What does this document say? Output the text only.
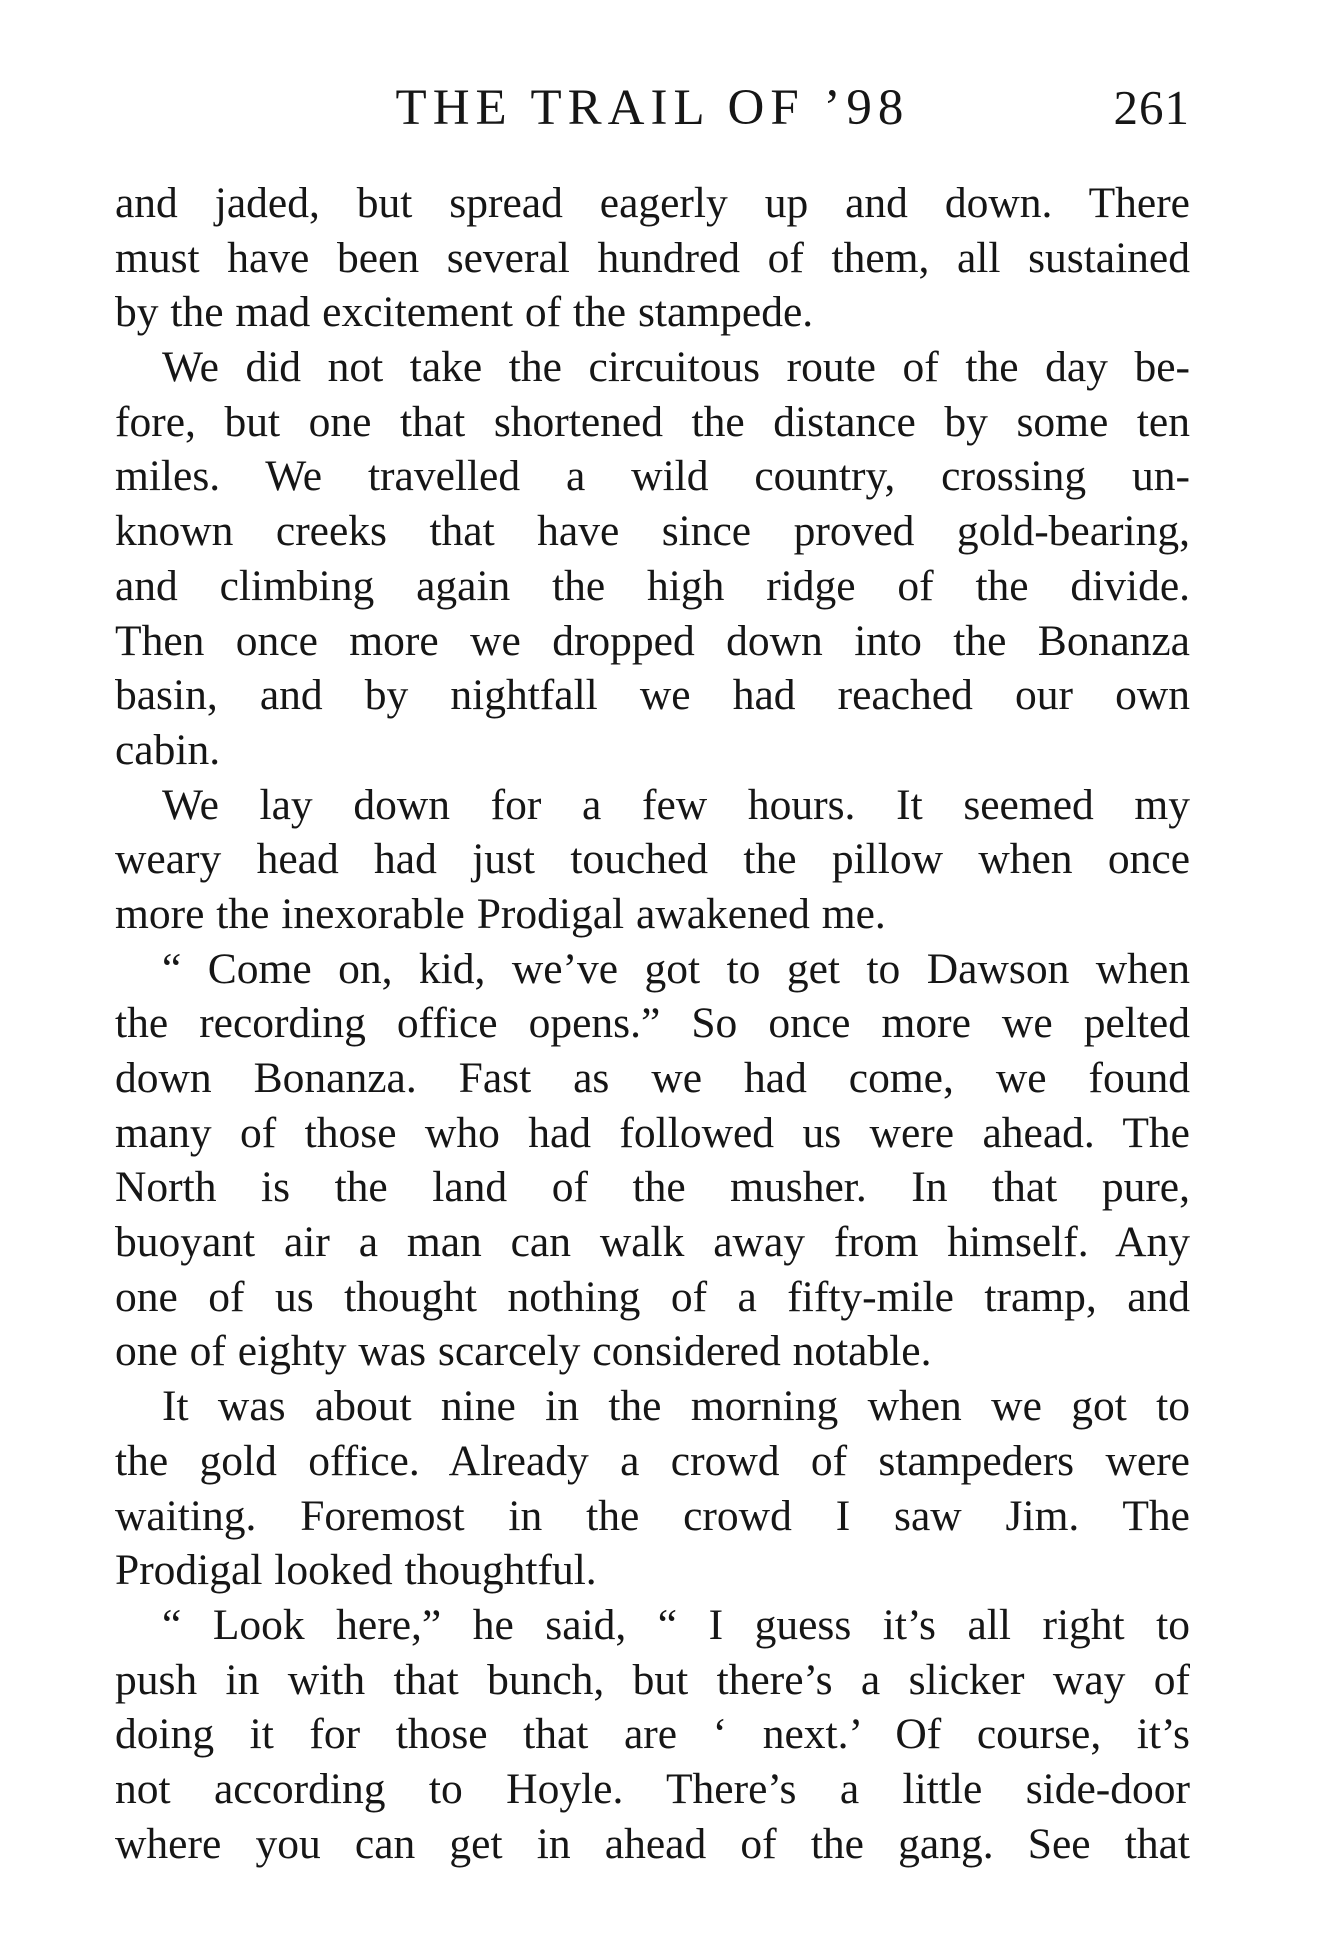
THE TRAIL OF ’98	261
and jaded, but spread eagerly up and down. There
must have been several hundred of them, all sustained
by the mad excitement of the stampede.
We did not take the circuitous route of the day be-
fore, but one that shortened the distance by some ten
miles. We travelled a wild country, crossing un-
known creeks that have since proved gold-bearing,
and climbing again the high ridge of the divide.
Then once more we dropped down into the Bonanza
basin, and by nightfall we had reached our own
cabin.
We lay down for a few hours. It seemed my
weary head had just touched the pillow when once
more the inexorable Prodigal awakened me.
“ Come on, kid, we’ve got to get to Dawson when
the recording office opens.” So once more we pelted
down Bonanza. Fast as we had come, we found
many of those who had followed us were ahead. The
North is the land of the musher. In that pure,
buoyant air a man can walk away from himself. Any
one of us thought nothing of a fifty-mile tramp, and
one of eighty was scarcely considered notable.
It was about nine in the morning when we got to
the gold office. Already a crowd of stampeders were
waiting. Foremost in the crowd I saw Jim. The
Prodigal looked thoughtful.
“ Look here,” he said, “ I guess it’s all right to
push in with that bunch, but there’s a slicker way of
doing it for those that are ‘ next.’ Of course, it’s
not according to Hoyle. There’s a little side-door
where you can get in ahead of the gang. See that
